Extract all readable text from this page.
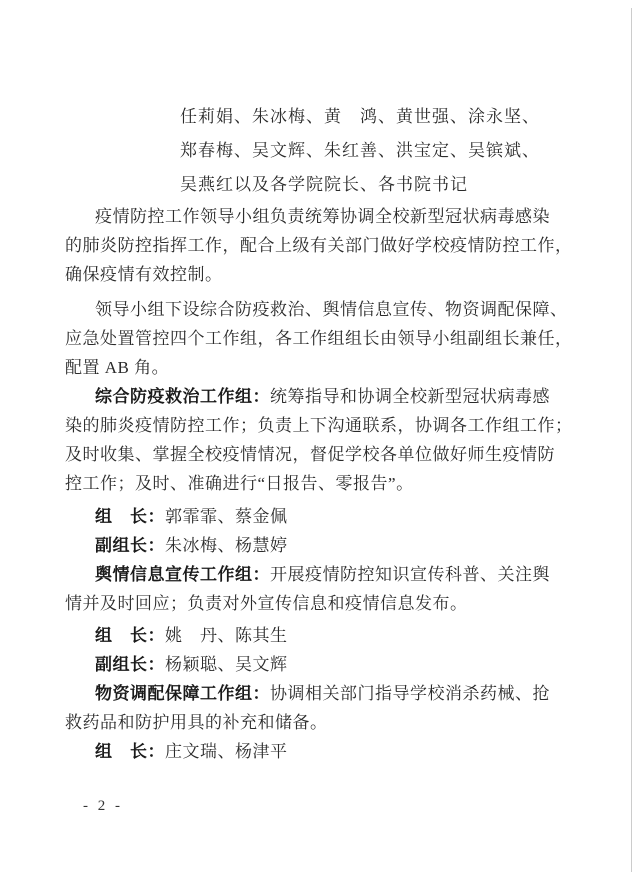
任莉娟、朱冰梅、黄　鸿、黄世强、涂永坚、
郑春梅、吴文辉、朱红善、洪宝定、吴镔斌、
吴燕红以及各学院院长、各书院书记
疫情防控工作领导小组负责统筹协调全校新型冠状病毒感染
的肺炎防控指挥工作，配合上级有关部门做好学校疫情防控工作，
确保疫情有效控制。
领导小组下设综合防疫救治、舆情信息宣传、物资调配保障、
应急处置管控四个工作组，各工作组组长由领导小组副组长兼任，
配置 AB 角。
综合防疫救治工作组：统筹指导和协调全校新型冠状病毒感
染的肺炎疫情防控工作；负责上下沟通联系，协调各工作组工作；
及时收集、掌握全校疫情情况，督促学校各单位做好师生疫情防
控工作；及时、准确进行“日报告、零报告”。
组　长：郭霏霏、蔡金佩
副组长：朱冰梅、杨慧婷
舆情信息宣传工作组：开展疫情防控知识宣传科普、关注舆
情并及时回应；负责对外宣传信息和疫情信息发布。
组　长：姚　丹、陈其生
副组长：杨颖聪、吴文辉
物资调配保障工作组：协调相关部门指导学校消杀药械、抢
救药品和防护用具的补充和储备。
组　长：庄文瑞、杨津平
- 2 -
